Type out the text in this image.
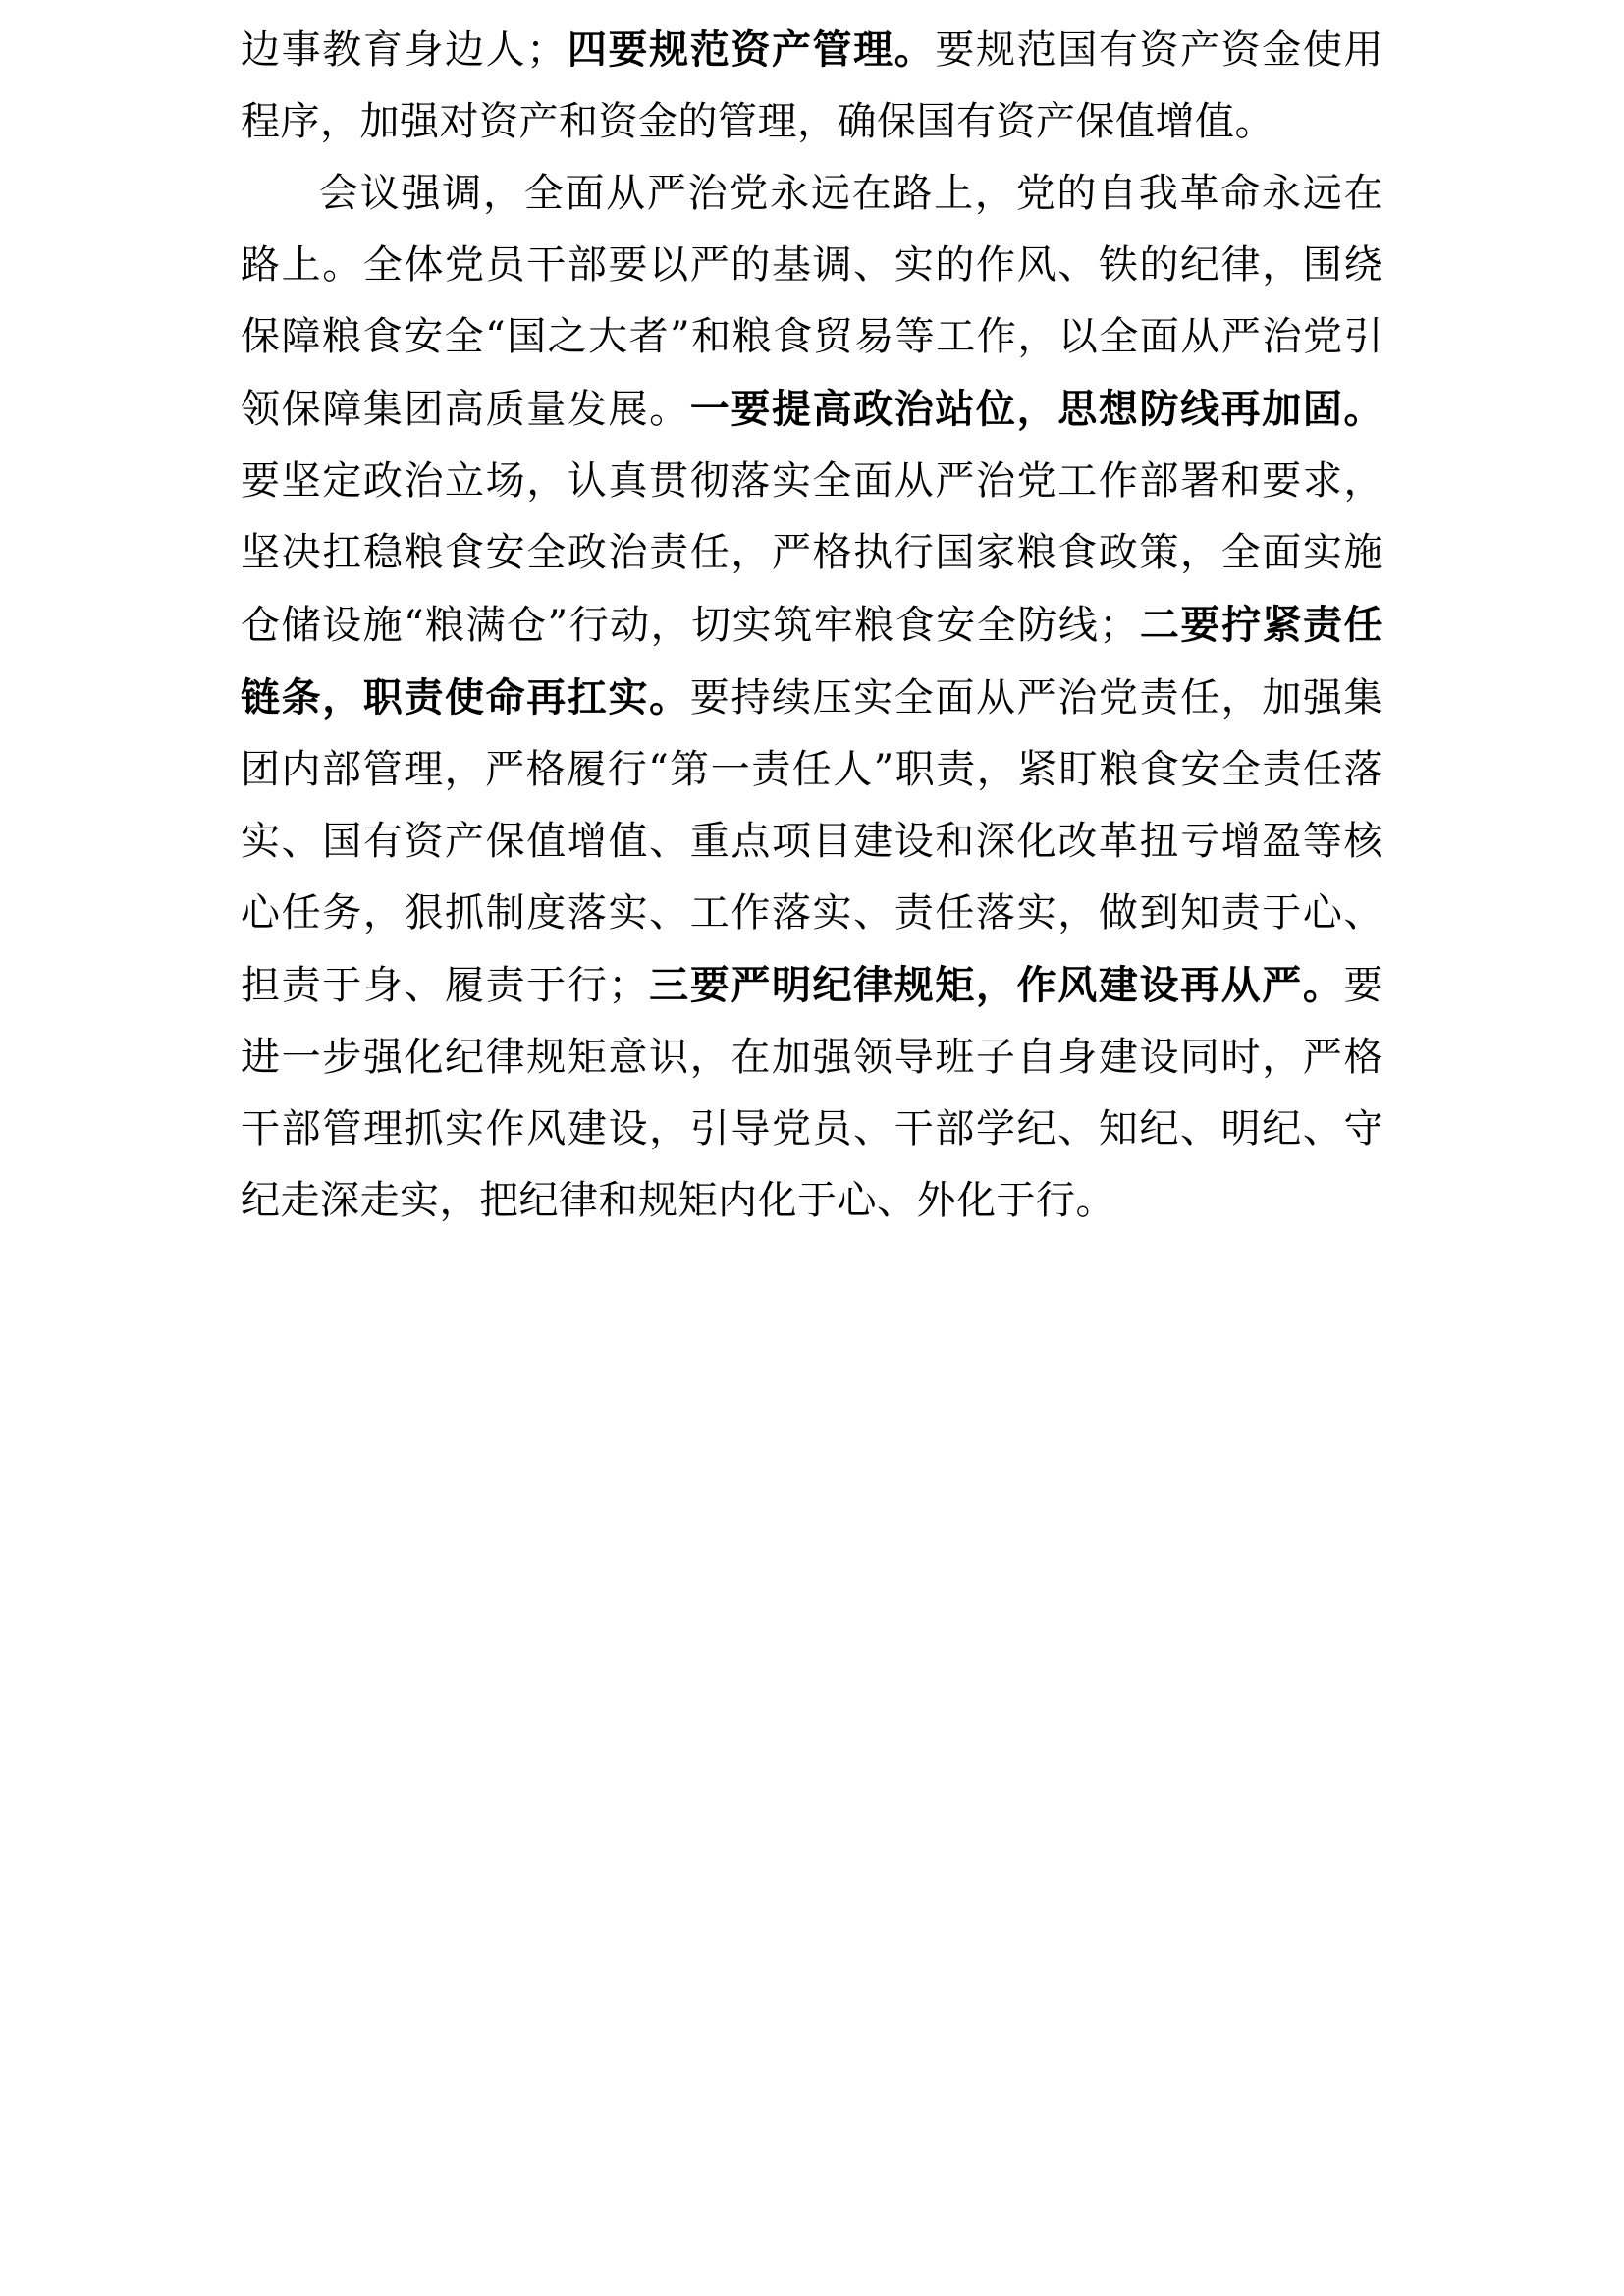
边事教育身边人；四要规范资产管理。要规范国有资产资金使用程序，加强对资产和资金的管理，确保国有资产保值增值。

会议强调，全面从严治党永远在路上，党的自我革命永远在路上。全体党员干部要以严的基调、实的作风、铁的纪律，围绕保障粮食安全“国之大者”和粮食贸易等工作，以全面从严治党引领保障集团高质量发展。一要提高政治站位，思想防线再加固。要坚定政治立场，认真贯彻落实全面从严治党工作部署和要求，坚决扛稳粮食安全政治责任，严格执行国家粮食政策，全面实施仓储设施“粮满仓”行动，切实筑牢粮食安全防线；二要拧紧责任链条，职责使命再扛实。要持续压实全面从严治党责任，加强集团内部管理，严格履行“第一责任人”职责，紧盯粮食安全责任落实、国有资产保值增值、重点项目建设和深化改革扭亏增盈等核心任务，狠抓制度落实、工作落实、责任落实，做到知责于心、担责于身、履责于行；三要严明纪律规矩，作风建设再从严。要进一步强化纪律规矩意识，在加强领导班子自身建设同时，严格干部管理抓实作风建设，引导党员、干部学纪、知纪、明纪、守纪走深走实，把纪律和规矩内化于心、外化于行。
